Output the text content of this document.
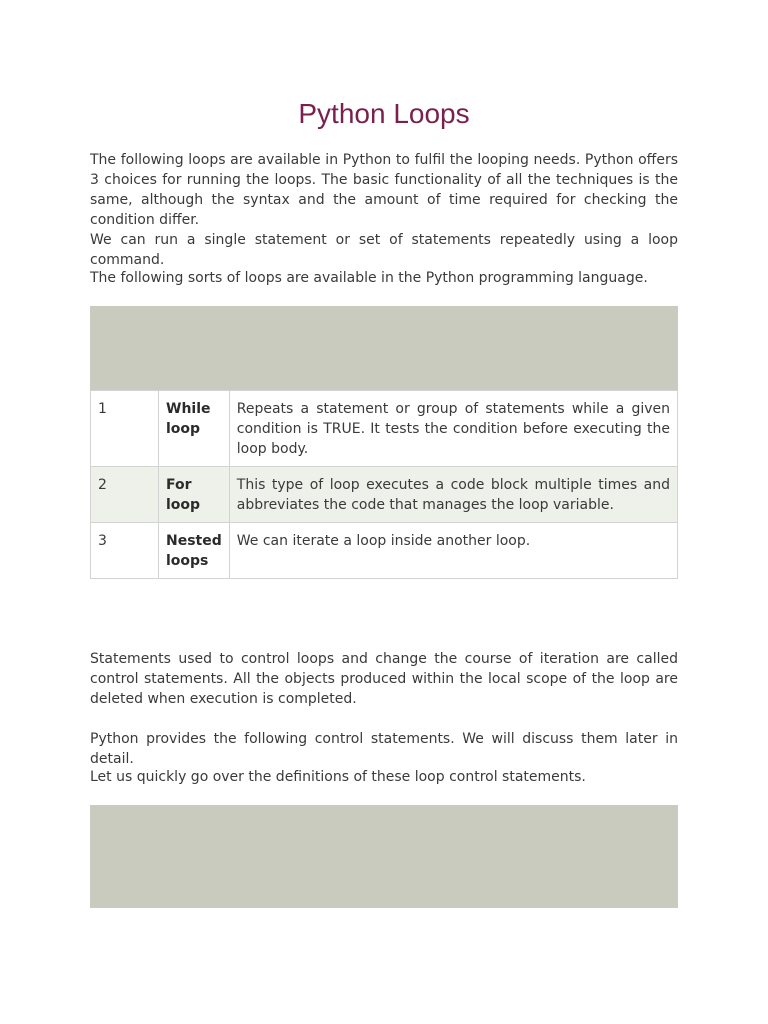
Python Loops

The following loops are available in Python to fulfil the looping needs. Python offers 3 choices for running the loops. The basic functionality of all the techniques is the same, although the syntax and the amount of time required for checking the condition differ.

We can run a single statement or set of statements repeatedly using a loop command.

The following sorts of loops are available in the Python programming language.

1	While loop	Repeats a statement or group of statements while a given condition is TRUE. It tests the condition before executing the loop body.
2	For loop	This type of loop executes a code block multiple times and abbreviates the code that manages the loop variable.
3	Nested loops	We can iterate a loop inside another loop.

Statements used to control loops and change the course of iteration are called control statements. All the objects produced within the local scope of the loop are deleted when execution is completed.

Python provides the following control statements. We will discuss them later in detail.

Let us quickly go over the definitions of these loop control statements.
